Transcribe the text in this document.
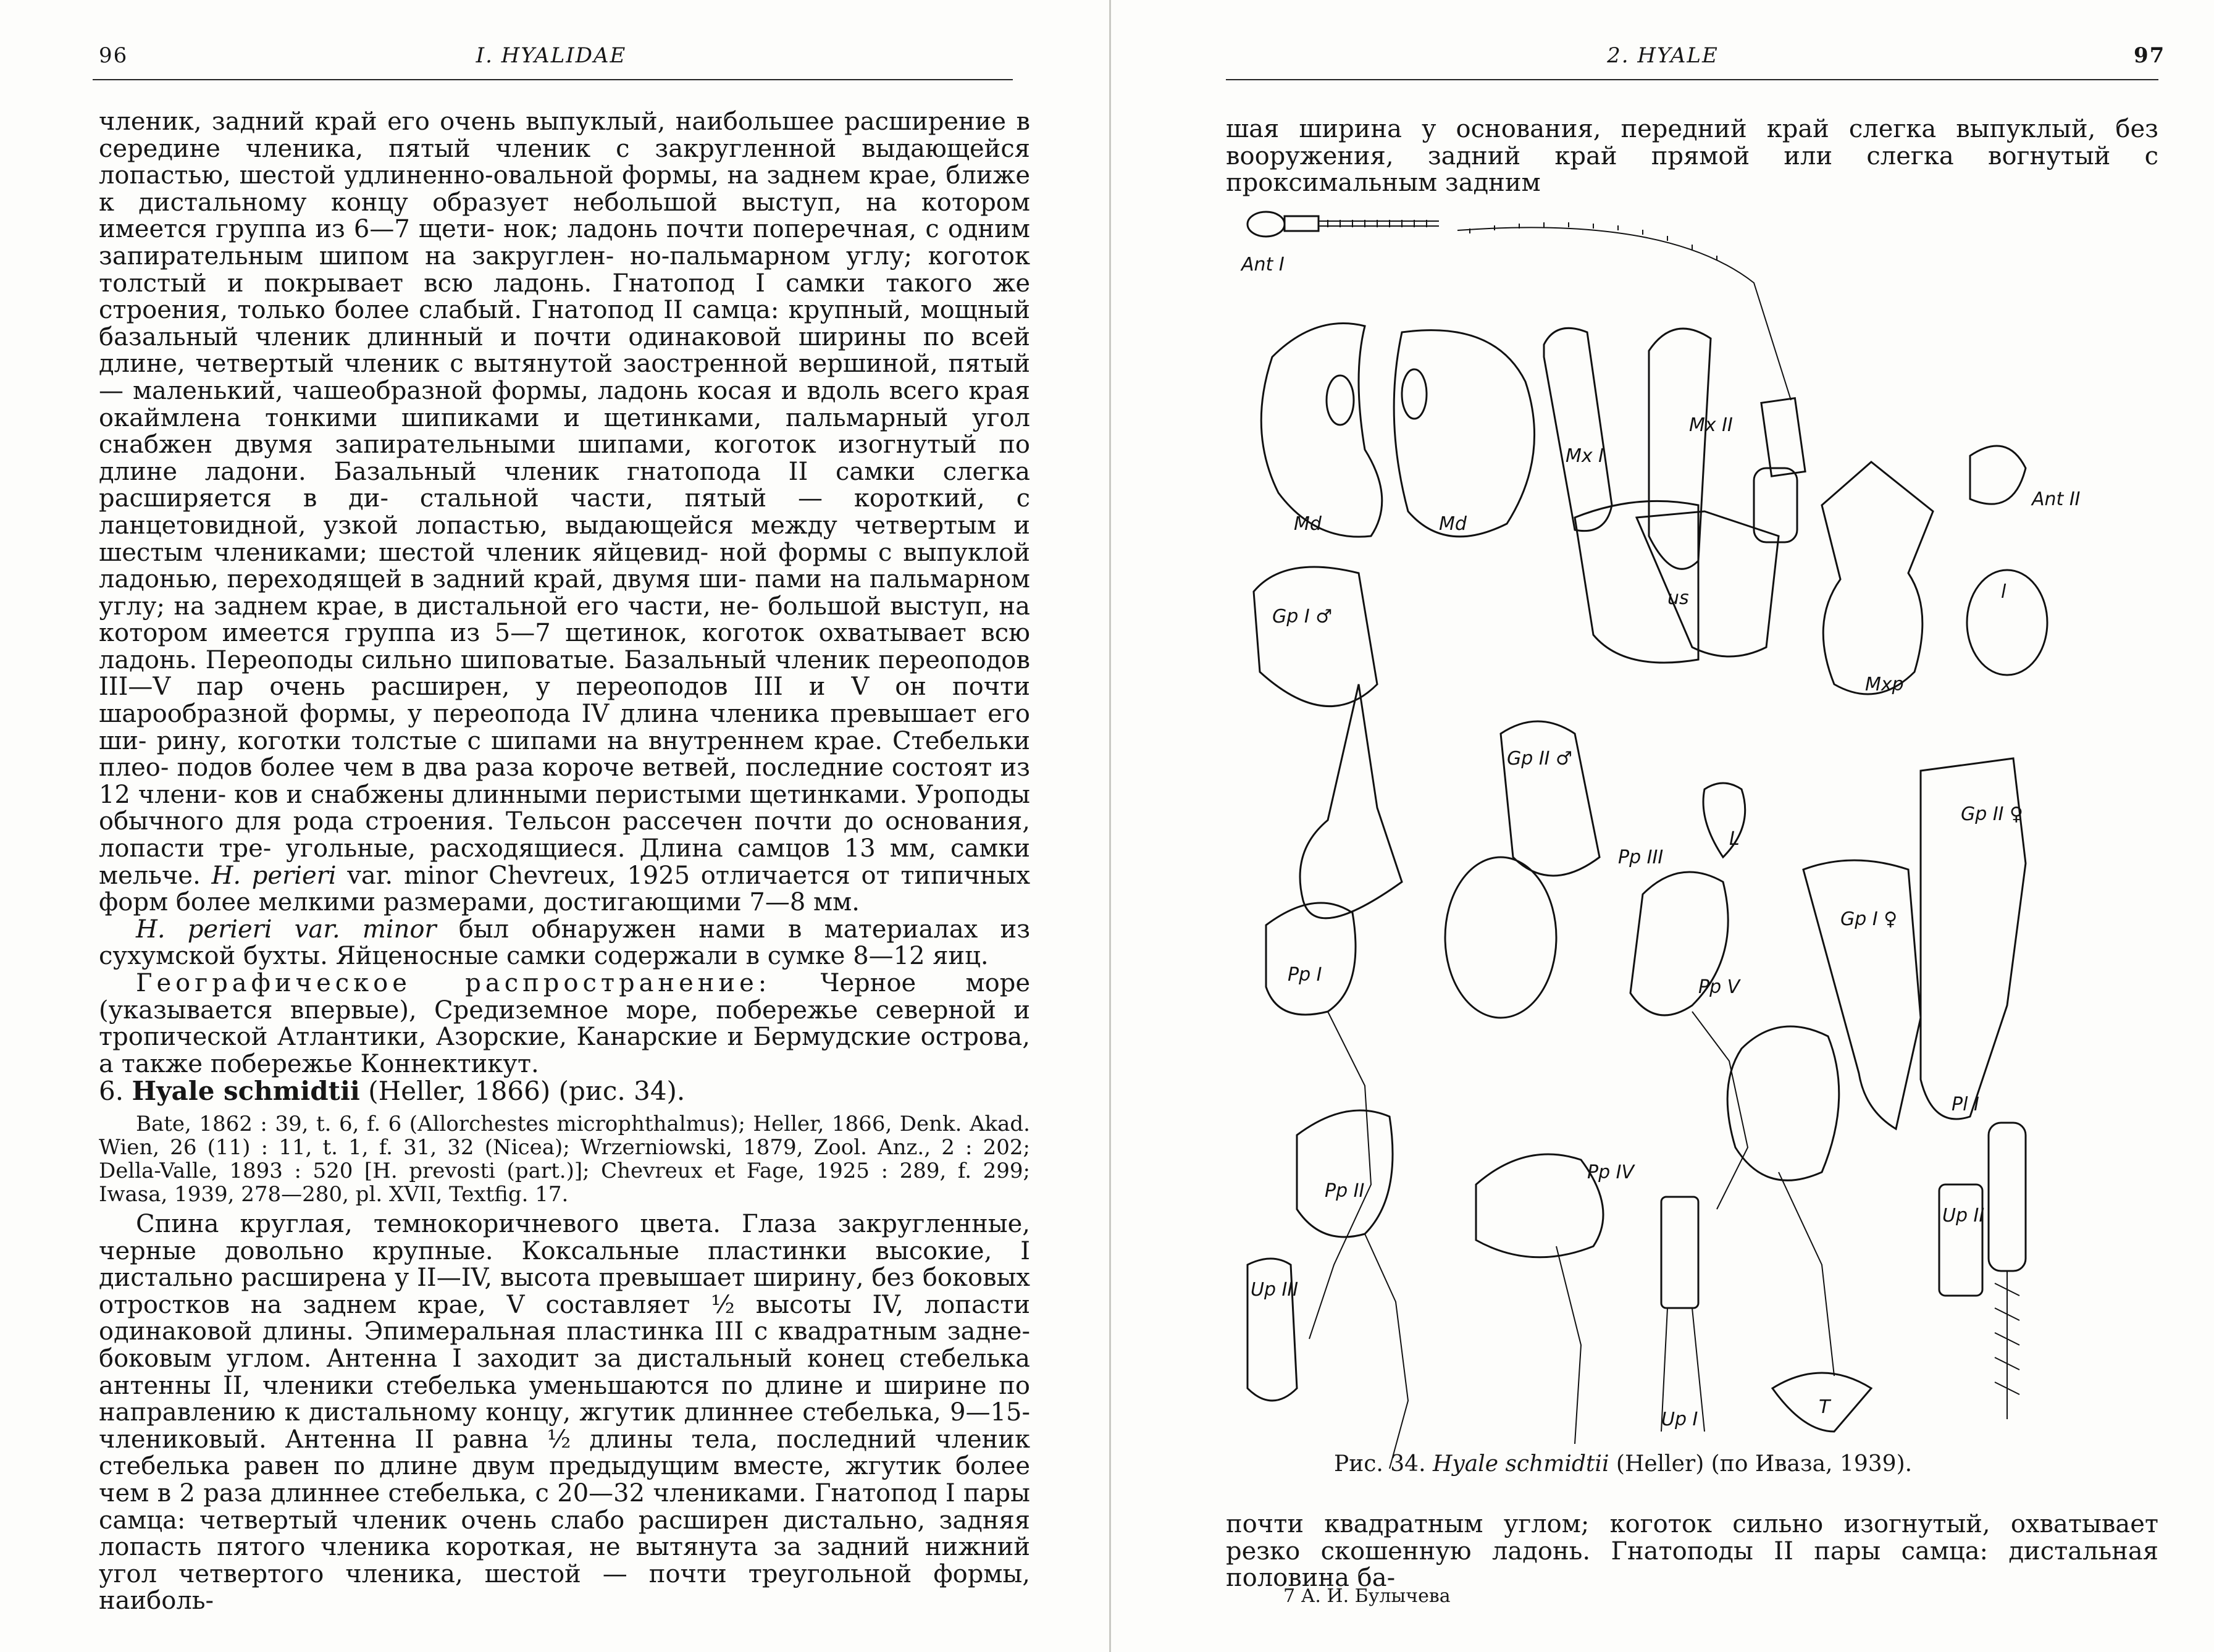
96	I. HYALIDAE

членик, задний край его очень выпуклый, наибольшее расширение в середине членика, пятый членик с закругленной выдающейся лопастью, шестой удлиненно-овальной формы, на заднем крае, ближе к дистальному концу образует небольшой выступ, на котором имеется группа из 6—7 щети- нок; ладонь почти поперечная, с одним запирательным шипом на закруглен- но-пальмарном углу; коготок толстый и покрывает всю ладонь. Гнатопод I самки такого же строения, только более слабый. Гнатопод II самца: крупный, мощный базальный членик длинный и почти одинаковой ширины по всей длине, четвертый членик с вытянутой заостренной вершиной, пятый — маленький, чашеобразной формы, ладонь косая и вдоль всего края окаймлена тонкими шипиками и щетинками, пальмарный угол снабжен двумя запирательными шипами, коготок изогнутый по длине ладони. Базальный членик гнатопода II самки слегка расширяется в ди- стальной части, пятый — короткий, с ланцетовидной, узкой лопастью, выдающейся между четвертым и шестым члениками; шестой членик яйцевид- ной формы с выпуклой ладонью, переходящей в задний край, двумя ши- пами на пальмарном углу; на заднем крае, в дистальной его части, не- большой выступ, на котором имеется группа из 5—7 щетинок, коготок охватывает всю ладонь. Переоподы сильно шиповатые. Базальный членик переоподов III—V пар очень расширен, у переоподов III и V он почти шарообразной формы, у переопода IV длина членика превышает его ши- рину, коготки толстые с шипами на внутреннем крае. Стебельки плео- подов более чем в два раза короче ветвей, последние состоят из 12 члени- ков и снабжены длинными перистыми щетинками. Уроподы обычного для рода строения. Тельсон рассечен почти до основания, лопасти тре- угольные, расходящиеся. Длина самцов 13 мм, самки мельче. H. perieri var. minor Chevreux, 1925 отличается от типичных форм более мелкими размерами, достигающими 7—8 мм.

H. perieri var. minor был обнаружен нами в материалах из сухумской бухты. Яйценосные самки содержали в сумке 8—12 яиц.

Географическое распространение: Черное море (указывается впервые), Средиземное море, побережье северной и тропической Атлантики, Азорские, Канарские и Бермудские острова, а также побережье Коннектикут.

6. Hyale schmidtii (Heller, 1866) (рис. 34).

Bate, 1862 : 39, t. 6, f. 6 (Allorchestes microphthalmus); Heller, 1866, Denk. Akad. Wien, 26 (11) : 11, t. 1, f. 31, 32 (Nicea); Wrzerniowski, 1879, Zool. Anz., 2 : 202; Della-Valle, 1893 : 520 [H. prevosti (part.)]; Chevreux et Fage, 1925 : 289, f. 299; Iwasa, 1939, 278—280, pl. XVII, Textfig. 17.

Спина круглая, темнокоричневого цвета. Глаза закругленные, черные довольно крупные. Коксальные пластинки высокие, I дистально расширена у II—IV, высота превышает ширину, без боковых отростков на заднем крае, V составляет ½ высоты IV, лопасти одинаковой длины. Эпимеральная пластинка III с квадратным задне-боковым углом. Антенна I заходит за дистальный конец стебелька антенны II, членики стебелька уменьшаются по длине и ширине по направлению к дистальному концу, жгутик длиннее стебелька, 9—15-члениковый. Антенна II равна ½ длины тела, последний членик стебелька равен по длине двум предыдущим вместе, жгутик более чем в 2 раза длиннее стебелька, с 20—32 члениками. Гнатопод I пары самца: четвертый членик очень слабо расширен дистально, задняя лопасть пятого членика короткая, не вытянута за задний нижний угол четвертого членика, шестой — почти треугольной формы, наиболь-

2. HYALE	97

шая ширина у основания, передний край слегка выпуклый, без вооружения, задний край прямой или слегка вогнутый с проксимальным задним

Ant I
Ant II
Md	Md
Mx I
Mx II
Mxp
l
us
Gp I ♂
Gp II ♂
L
Gp II ♀
Gp I ♀
Pp I
Pp III
Pp V
Pp II
Pp IV
Pl I
Up II
Up I
Up III
T
Рис. 34. Hyale schmidtii (Heller) (по Иваза, 1939).

почти квадратным углом; коготок сильно изогнутый, охватывает резко скошенную ладонь. Гнатоподы II пары самца: дистальная половина ба-

7 А. И. Булычева
